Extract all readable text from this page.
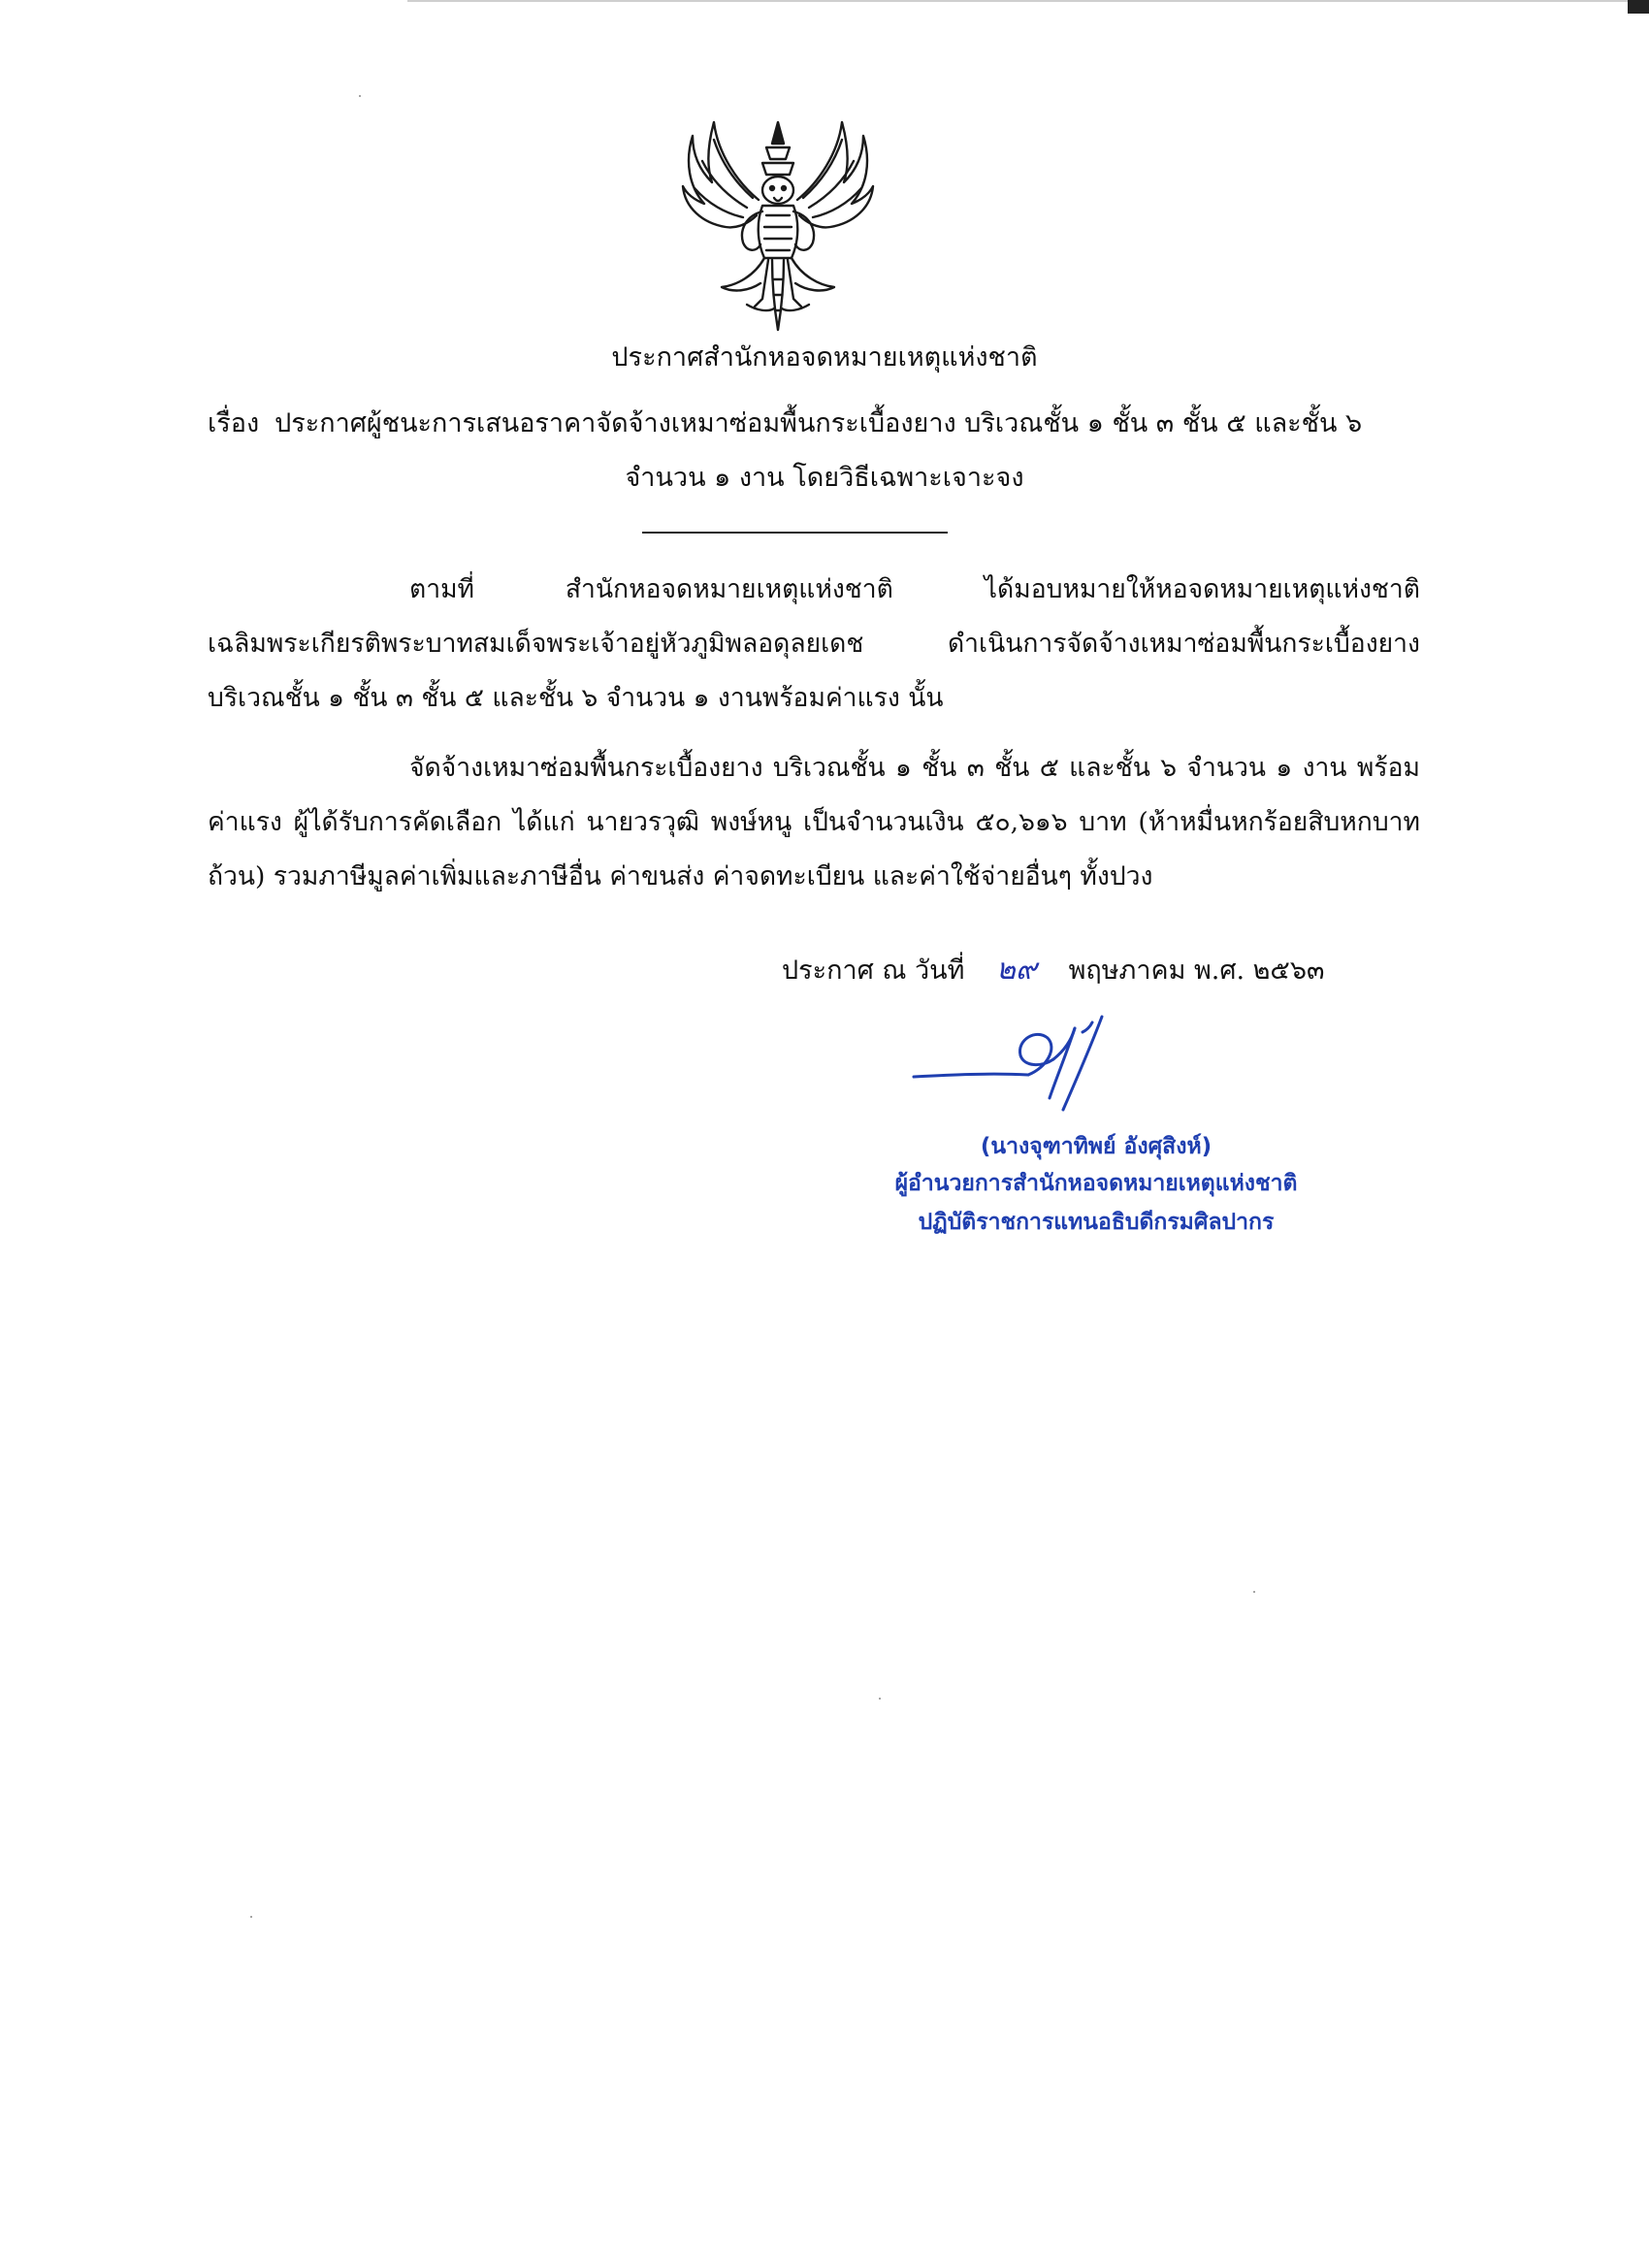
ประกาศสำนักหอจดหมายเหตุแห่งชาติ
เรื่อง ประกาศผู้ชนะการเสนอราคาจัดจ้างเหมาซ่อมพื้นกระเบื้องยาง บริเวณชั้น ๑ ชั้น ๓ ชั้น ๕ และชั้น ๖
จำนวน ๑ งาน โดยวิธีเฉพาะเจาะจง
ตามที่ สำนักหอจดหมายเหตุแห่งชาติ ได้มอบหมายให้หอจดหมายเหตุแห่งชาติเฉลิมพระเกียรติพระบาทสมเด็จพระเจ้าอยู่หัวภูมิพลอดุลยเดช ดำเนินการจัดจ้างเหมาซ่อมพื้นกระเบื้องยาง บริเวณชั้น ๑ ชั้น ๓ ชั้น ๕ และชั้น ๖ จำนวน ๑ งานพร้อมค่าแรง นั้น
จัดจ้างเหมาซ่อมพื้นกระเบื้องยาง บริเวณชั้น ๑ ชั้น ๓ ชั้น ๕ และชั้น ๖ จำนวน ๑ งาน พร้อมค่าแรง ผู้ได้รับการคัดเลือก ได้แก่ นายวรวุฒิ พงษ์หนู เป็นจำนวนเงิน ๕๐,๖๑๖ บาท (ห้าหมื่นหกร้อยสิบหกบาทถ้วน) รวมภาษีมูลค่าเพิ่มและภาษีอื่น ค่าขนส่ง ค่าจดทะเบียน และค่าใช้จ่ายอื่นๆ ทั้งปวง
ประกาศ ณ วันที่ ๒๙ พฤษภาคม พ.ศ. ๒๕๖๓
(นางจุฑาทิพย์ อังศุสิงห์)
ผู้อำนวยการสำนักหอจดหมายเหตุแห่งชาติ
ปฏิบัติราชการแทนอธิบดีกรมศิลปากร
